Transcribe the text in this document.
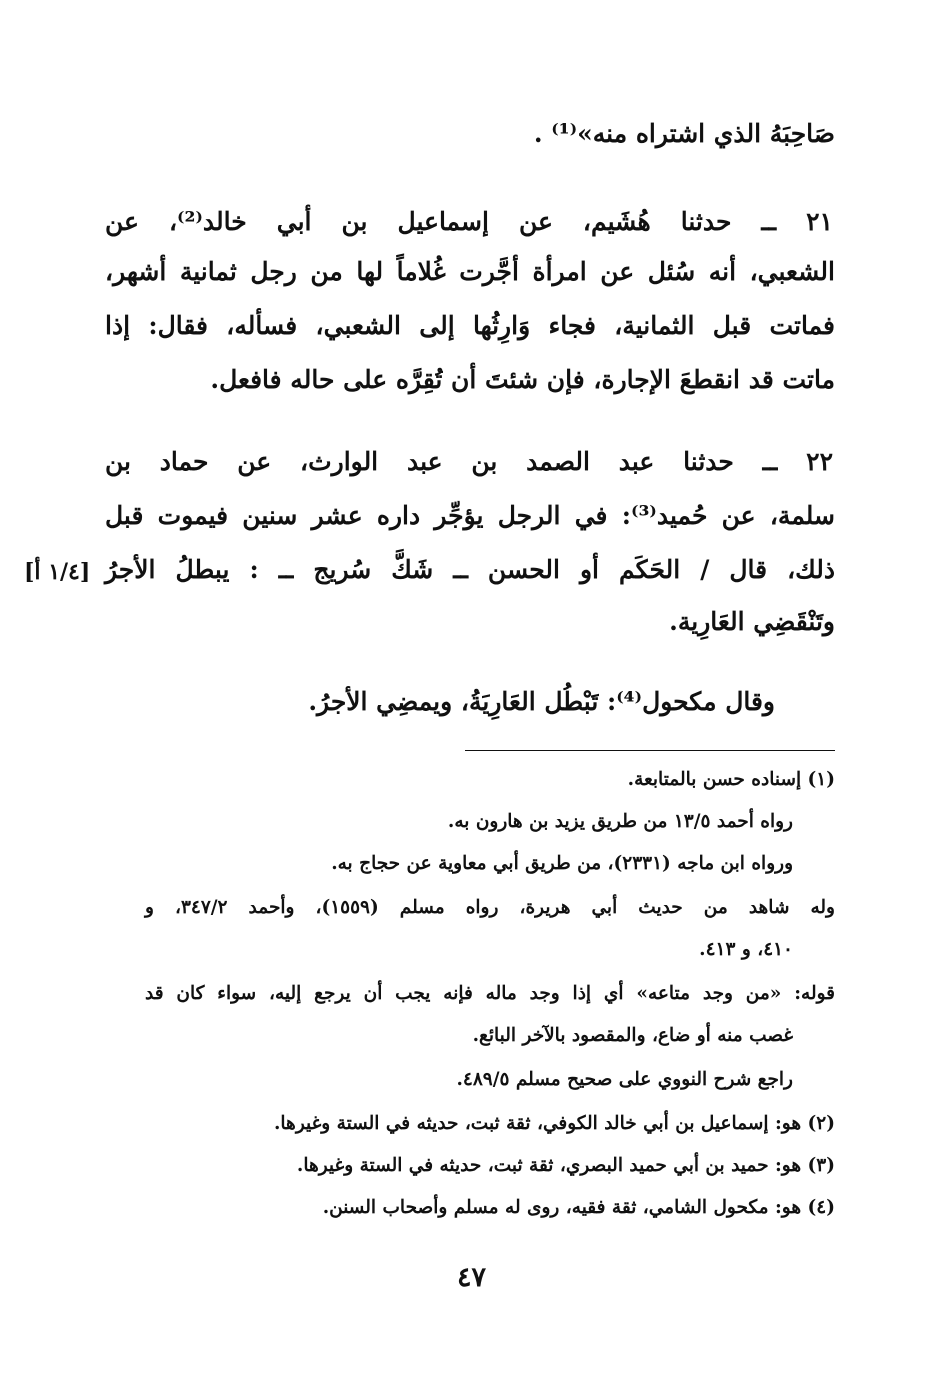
صَاحِبَهُ الذي اشتراه منه»⁽¹⁾ .
٢١ ــ حدثنا هُشَيم، عن إسماعيل بن أبي خالد⁽²⁾، عن
الشعبي، أنه سُئل عن امرأة أجَّرت غُلاماً لها من رجل ثمانية أشهر،
فماتت قبل الثمانية، فجاء وَارِثُها إلى الشعبي، فسأله، فقال: إذا
ماتت قد انقطعَ الإجارة، فإن شئتَ أن تُقِرَّه على حاله فافعل.
٢٢ ــ حدثنا عبد الصمد بن عبد الوارث، عن حماد بن
سلمة، عن حُميد⁽³⁾: في الرجل يؤجِّر داره عشر سنين فيموت قبل
ذلك، قال / الحَكَم أو الحسن ــ شَكَّ سُريج ــ : يبطلُ الأجرُ
وتَنْقَضِي العَارِية.
وقال مكحول⁽⁴⁾: تَبْطُل العَارِيَةُ، ويمضِي الأجرُ.
[١/٤ أ]
(١) إسناده حسن بالمتابعة.
رواه أحمد ١٣/٥ من طريق يزيد بن هارون به.
ورواه ابن ماجه (٢٣٣١)، من طريق أبي معاوية عن حجاج به.
وله شاهد من حديث أبي هريرة، رواه مسلم (١٥٥٩)، وأحمد ٣٤٧/٢، و
٤١٠، و ٤١٣.
قوله: «من وجد متاعه» أي إذا وجد ماله فإنه يجب أن يرجع إليه، سواء كان قد
غصب منه أو ضاع، والمقصود بالآخر البائع.
راجع شرح النووي على صحيح مسلم ٤٨٩/٥.
(٢) هو: إسماعيل بن أبي خالد الكوفي، ثقة ثبت، حديثه في الستة وغيرها.
(٣) هو: حميد بن أبي حميد البصري، ثقة ثبت، حديثه في الستة وغيرها.
(٤) هو: مكحول الشامي، ثقة فقيه، روى له مسلم وأصحاب السنن.
٤٧
